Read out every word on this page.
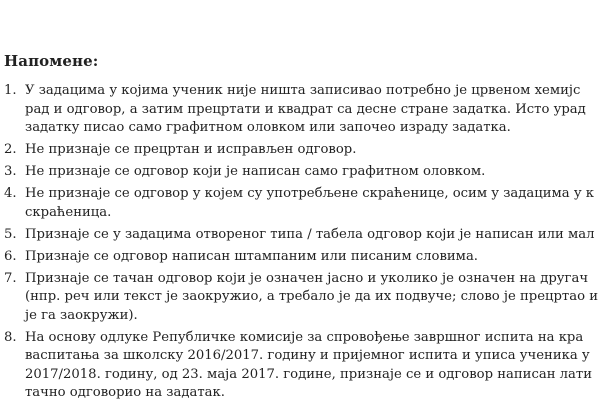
Напомене:
1. У задацима у којима ученик није ништа записивао потребно је црвеном хемијс
рад и одговор, а затим прецртати и квадрат са десне стране задатка. Исто урад
задатку писао само графитном оловком или започео израду задатка.
2. Не признаје се прецртан и исправљен одговор.
3. Не признаје се одговор који је написан само графитном оловком.
4. Не признаје се одговор у којем су употребљене скраћенице, осим у задацима у к
скраћеница.
5. Признаје се у задацима отвореног типа / табела одговор који је написан или мал
6. Признаје се одговор написан штампаним или писаним словима.
7. Признаје се тачан одговор који је означен јасно и уколико је означен на другач
(нпр. реч или текст је заокружио, а требало је да их подвуче; слово је прецртао и
је га заокружи).
8. На основу одлуке Републичке комисије за спровођење завршног испита на кра
васпитања за школску 2016/2017. годину и пријемног испита и уписа ученика у
2017/2018. годину, од 23. маја 2017. године, признаје се и одговор написан лати
тачно одговорио на задатак.
